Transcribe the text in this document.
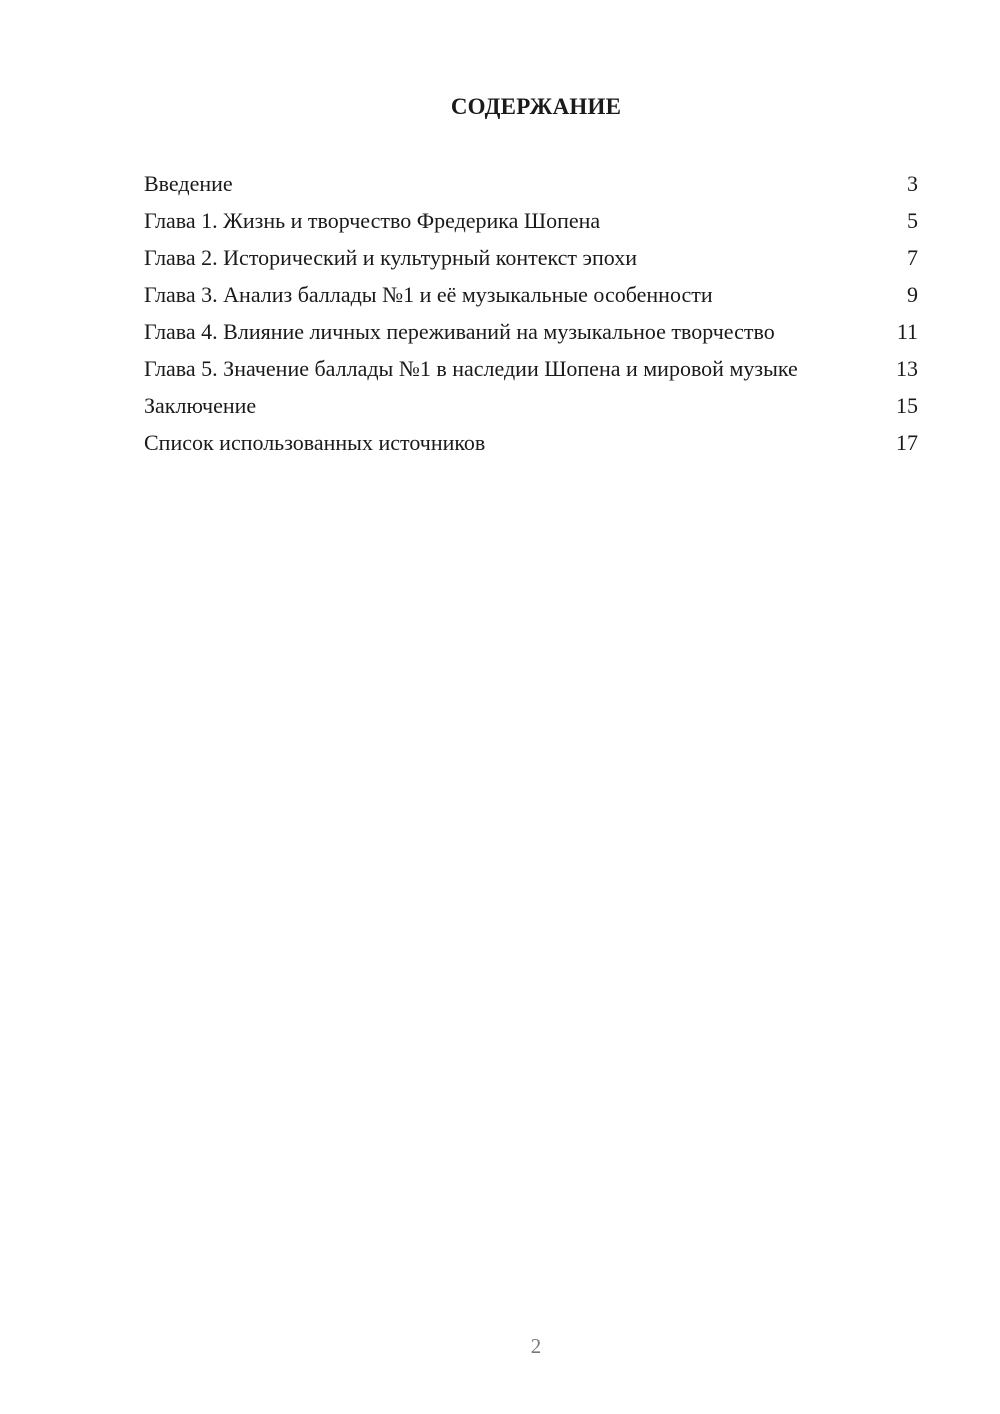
СОДЕРЖАНИЕ
Введение	3
Глава 1. Жизнь и творчество Фредерика Шопена	5
Глава 2. Исторический и культурный контекст эпохи	7
Глава 3. Анализ баллады №1 и её музыкальные особенности	9
Глава 4. Влияние личных переживаний на музыкальное творчество	11
Глава 5. Значение баллады №1 в наследии Шопена и мировой музыке	13
Заключение	15
Список использованных источников	17
2
